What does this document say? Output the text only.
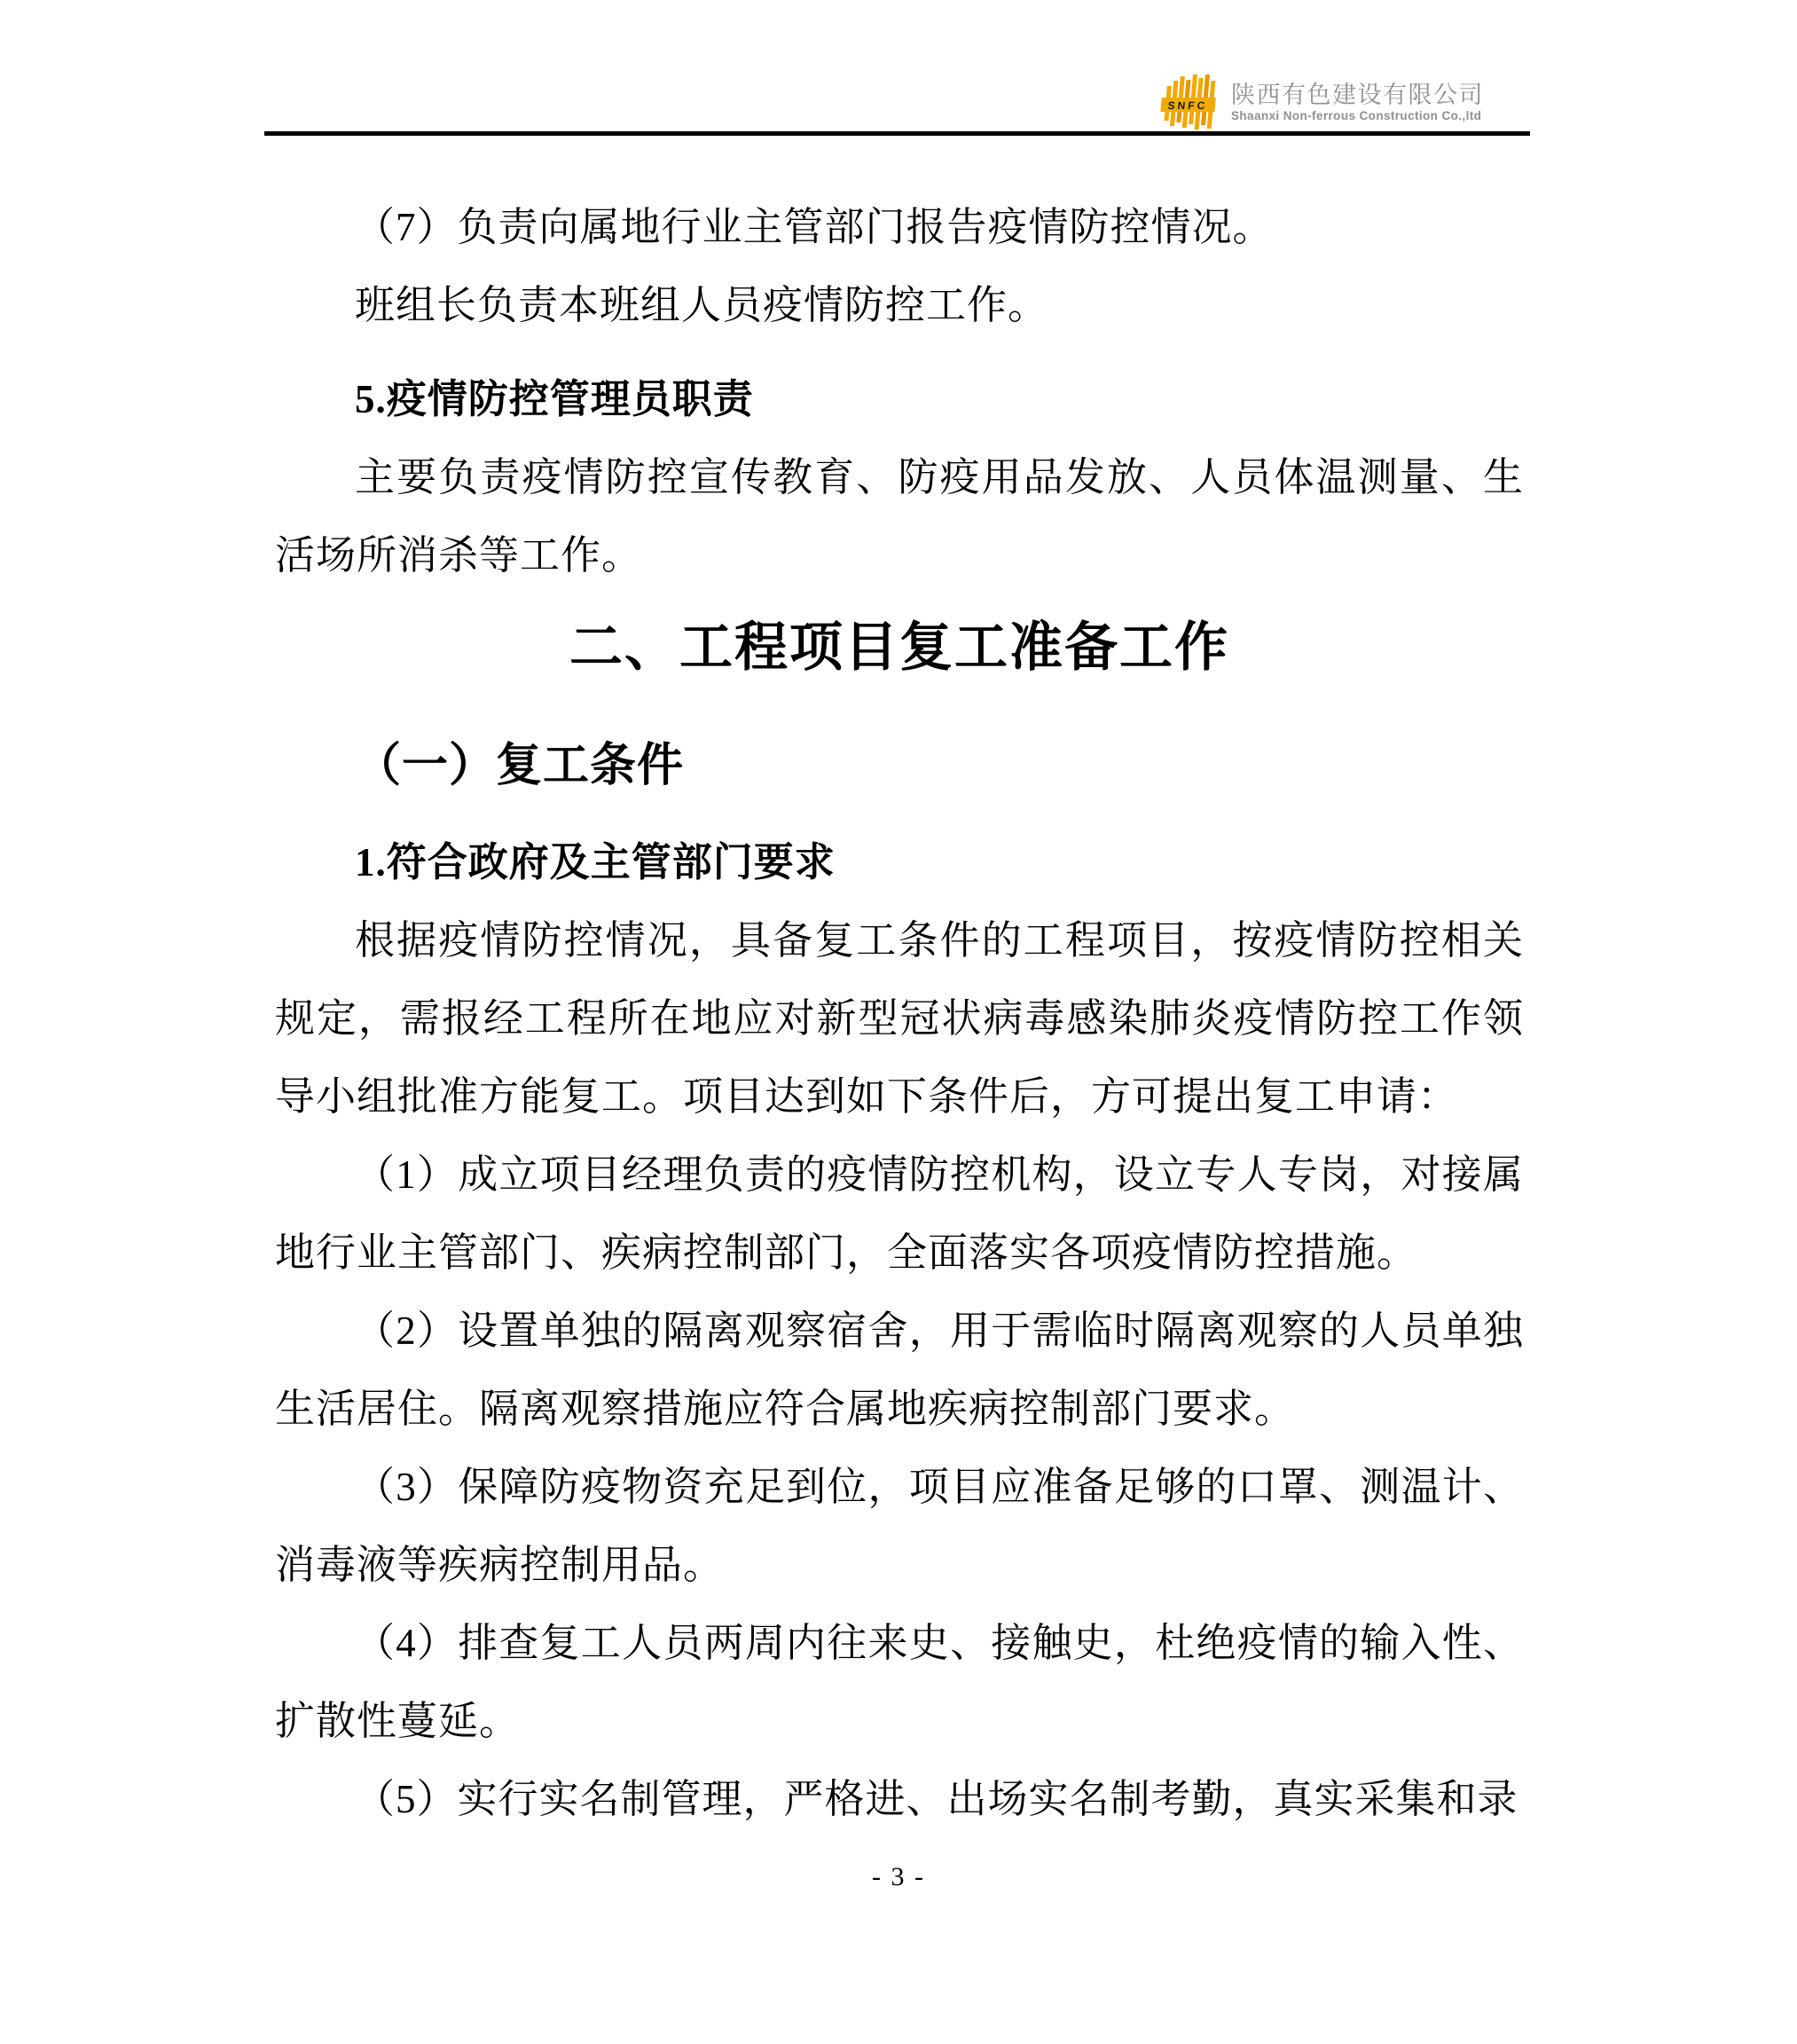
SNFC 陕西有色建设有限公司
Shaanxi Non-ferrous Construction Co.,ltd
（7）负责向属地行业主管部门报告疫情防控情况。
班组长负责本班组人员疫情防控工作。
5.疫情防控管理员职责
主要负责疫情防控宣传教育、防疫用品发放、人员体温测量、生
活场所消杀等工作。
二、工程项目复工准备工作
（一）复工条件
1.符合政府及主管部门要求
根据疫情防控情况，具备复工条件的工程项目，按疫情防控相关
规定，需报经工程所在地应对新型冠状病毒感染肺炎疫情防控工作领
导小组批准方能复工。项目达到如下条件后，方可提出复工申请：
（1）成立项目经理负责的疫情防控机构，设立专人专岗，对接属
地行业主管部门、疾病控制部门，全面落实各项疫情防控措施。
（2）设置单独的隔离观察宿舍，用于需临时隔离观察的人员单独
生活居住。隔离观察措施应符合属地疾病控制部门要求。
（3）保障防疫物资充足到位，项目应准备足够的口罩、测温计、
消毒液等疾病控制用品。
（4）排查复工人员两周内往来史、接触史，杜绝疫情的输入性、
扩散性蔓延。
（5）实行实名制管理，严格进、出场实名制考勤，真实采集和录
- 3 -
